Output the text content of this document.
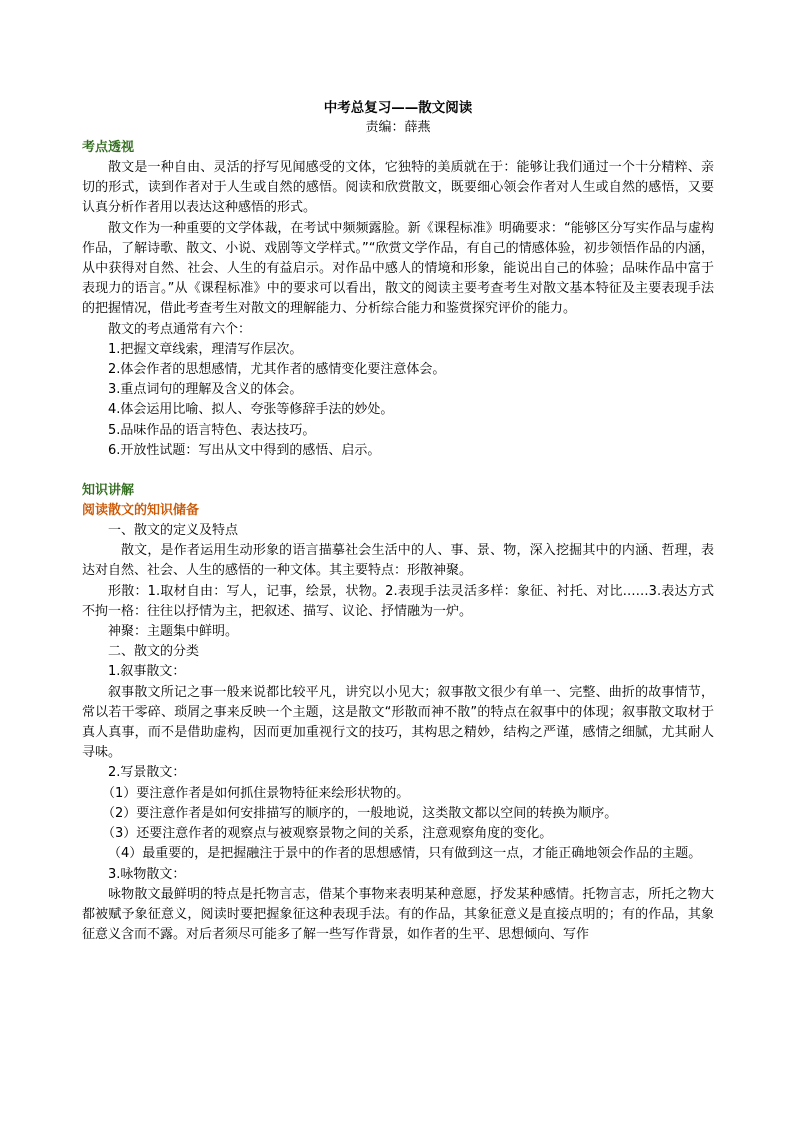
中考总复习——散文阅读

责编：薛燕

考点透视

散文是一种自由、灵活的抒写见闻感受的文体，它独特的美质就在于：能够让我们通过一个十分精粹、亲切的形式，读到作者对于人生或自然的感悟。阅读和欣赏散文，既要细心领会作者对人生或自然的感悟，又要认真分析作者用以表达这种感悟的形式。

散文作为一种重要的文学体裁，在考试中频频露脸。新《课程标准》明确要求：“能够区分写实作品与虚构作品，了解诗歌、散文、小说、戏剧等文学样式。”“欣赏文学作品，有自己的情感体验，初步领悟作品的内涵，从中获得对自然、社会、人生的有益启示。对作品中感人的情境和形象，能说出自己的体验；品味作品中富于表现力的语言。”从《课程标准》中的要求可以看出，散文的阅读主要考查考生对散文基本特征及主要表现手法的把握情况，借此考查考生对散文的理解能力、分析综合能力和鉴赏探究评价的能力。

散文的考点通常有六个：

1.把握文章线索，理清写作层次。

2.体会作者的思想感情，尤其作者的感情变化要注意体会。

3.重点词句的理解及含义的体会。

4.体会运用比喻、拟人、夸张等修辞手法的妙处。

5.品味作品的语言特色、表达技巧。

6.开放性试题：写出从文中得到的感悟、启示。

知识讲解

阅读散文的知识储备

一、散文的定义及特点

散文，是作者运用生动形象的语言描摹社会生活中的人、事、景、物，深入挖掘其中的内涵、哲理，表达对自然、社会、人生的感悟的一种文体。其主要特点：形散神聚。

形散：1.取材自由：写人，记事，绘景，状物。2.表现手法灵活多样：象征、衬托、对比……3.表达方式不拘一格：往往以抒情为主，把叙述、描写、议论、抒情融为一炉。

神聚：主题集中鲜明。

二、散文的分类

1.叙事散文：

叙事散文所记之事一般来说都比较平凡，讲究以小见大；叙事散文很少有单一、完整、曲折的故事情节，常以若干零碎、琐屑之事来反映一个主题，这是散文“形散而神不散”的特点在叙事中的体现；叙事散文取材于真人真事，而不是借助虚构，因而更加重视行文的技巧，其构思之精妙，结构之严谨，感情之细腻，尤其耐人寻味。

2.写景散文：

（1）要注意作者是如何抓住景物特征来绘形状物的。

（2）要注意作者是如何安排描写的顺序的，一般地说，这类散文都以空间的转换为顺序。

（3）还要注意作者的观察点与被观察景物之间的关系，注意观察角度的变化。

（4）最重要的，是把握融注于景中的作者的思想感情，只有做到这一点，才能正确地领会作品的主题。

3.咏物散文：

咏物散文最鲜明的特点是托物言志，借某个事物来表明某种意愿，抒发某种感情。托物言志，所托之物大都被赋予象征意义，阅读时要把握象征这种表现手法。有的作品，其象征意义是直接点明的；有的作品，其象征意义含而不露。对后者须尽可能多了解一些写作背景，如作者的生平、思想倾向、写作
